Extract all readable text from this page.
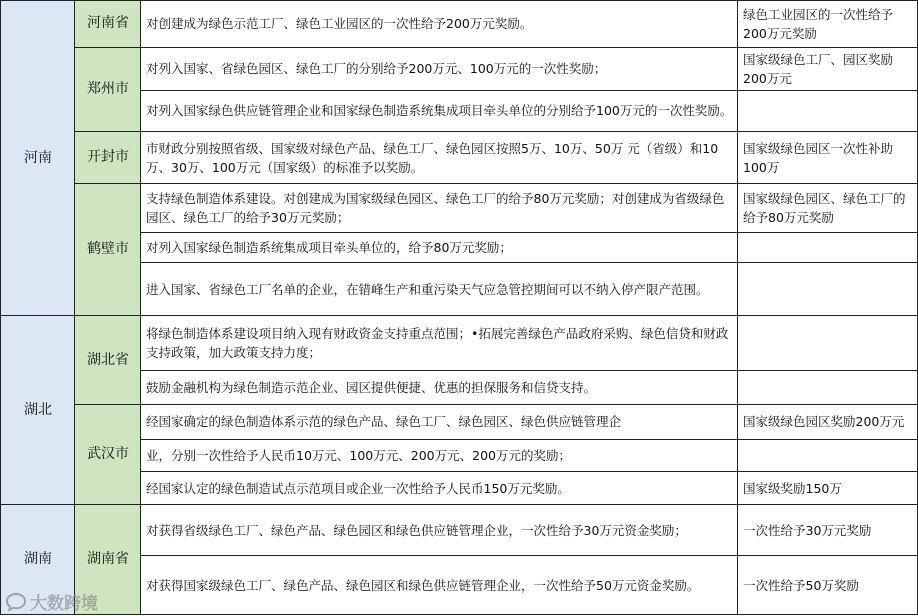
河南	河南省	对创建成为绿色示范工厂、绿色工业园区的一次性给予200万元奖励。	绿色工业园区的一次性给予200万元奖励
	郑州市	对列入国家、省绿色园区、绿色工厂的分别给予200万元、100万元的一次性奖励；	国家级绿色工厂、园区奖励200万元
		对列入国家绿色供应链管理企业和国家绿色制造系统集成项目牵头单位的分别给予100万元的一次性奖励。	
	开封市	市财政分别按照省级、国家级对绿色产品、绿色工厂、绿色园区按照5万、10万、50万 元（省级）和10万、30万、100万元（国家级）的标准予以奖励。	国家级绿色园区一次性补助100万
	鹤壁市	支持绿色制造体系建设。对创建成为国家级绿色园区、绿色工厂的给予80万元奖励；对创建成为省级绿色园区、绿色工厂的给予30万元奖励；	国家级绿色园区、绿色工厂的给予80万元奖励
		对列入国家绿色制造系统集成项目牵头单位的，给予80万元奖励；	
		进入国家、省绿色工厂名单的企业，在错峰生产和重污染天气应急管控期间可以不纳入停产限产范围。	
湖北	湖北省	将绿色制造体系建设项目纳入现有财政资金支持重点范围；•拓展完善绿色产品政府采购、绿色信贷和财政支持政策，加大政策支持力度；	
		鼓励金融机构为绿色制造示范企业、园区提供便捷、优惠的担保服务和信贷支持。	
	武汉市	经国家确定的绿色制造体系示范的绿色产品、绿色工厂、绿色园区、绿色供应链管理企	国家级绿色园区奖励200万元
		业，分别一次性给予人民币10万元、100万元、200万元、200万元的奖励；	
		经国家认定的绿色制造试点示范项目或企业一次性给予人民币150万元奖励。	国家级奖励150万
湖南	湖南省	对获得省级绿色工厂、绿色产品、绿色园区和绿色供应链管理企业，一次性给予30万元资金奖励；	一次性给予30万元奖励
		对获得国家级绿色工厂、绿色产品、绿色园区和绿色供应链管理企业，一次性给予50万元资金奖励。	一次性给予50万奖励
大数跨境
